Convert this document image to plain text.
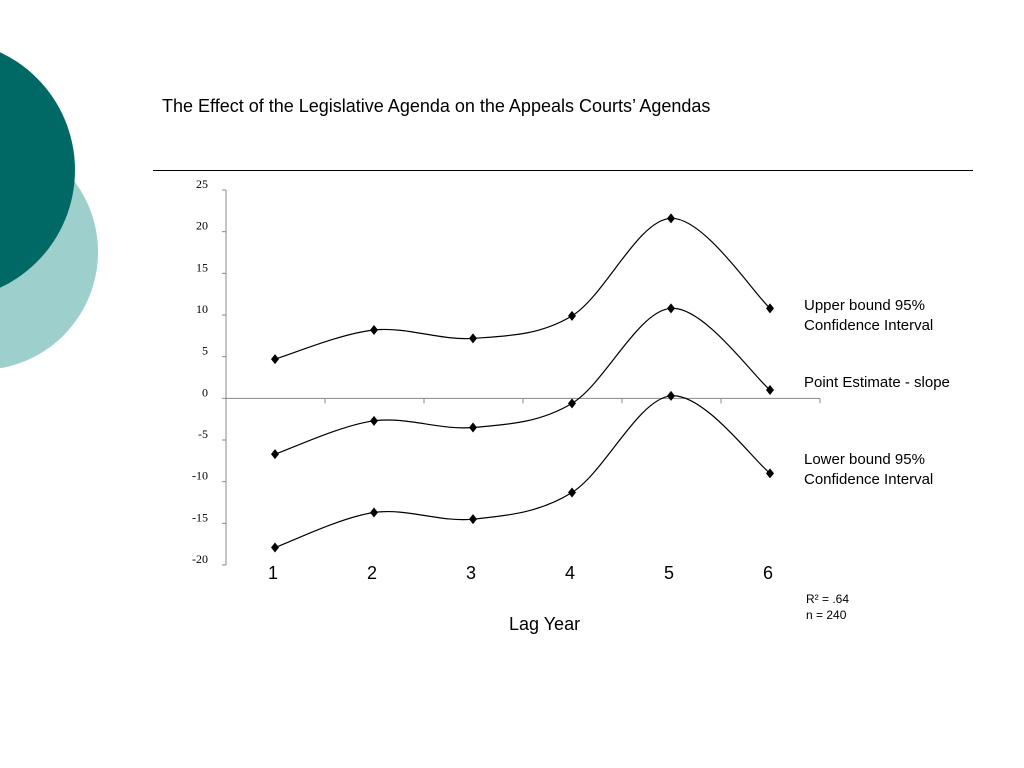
The Effect of the Legislative Agenda on the Appeals Courts’ Agendas
25
20
15
10
5
0
-5
-10
-15
-20
1	2	3	4	5	6
Upper bound 95%
Confidence Interval
Point Estimate - slope
Lower bound 95%
Confidence Interval
R² = .64
n = 240
Lag Year
